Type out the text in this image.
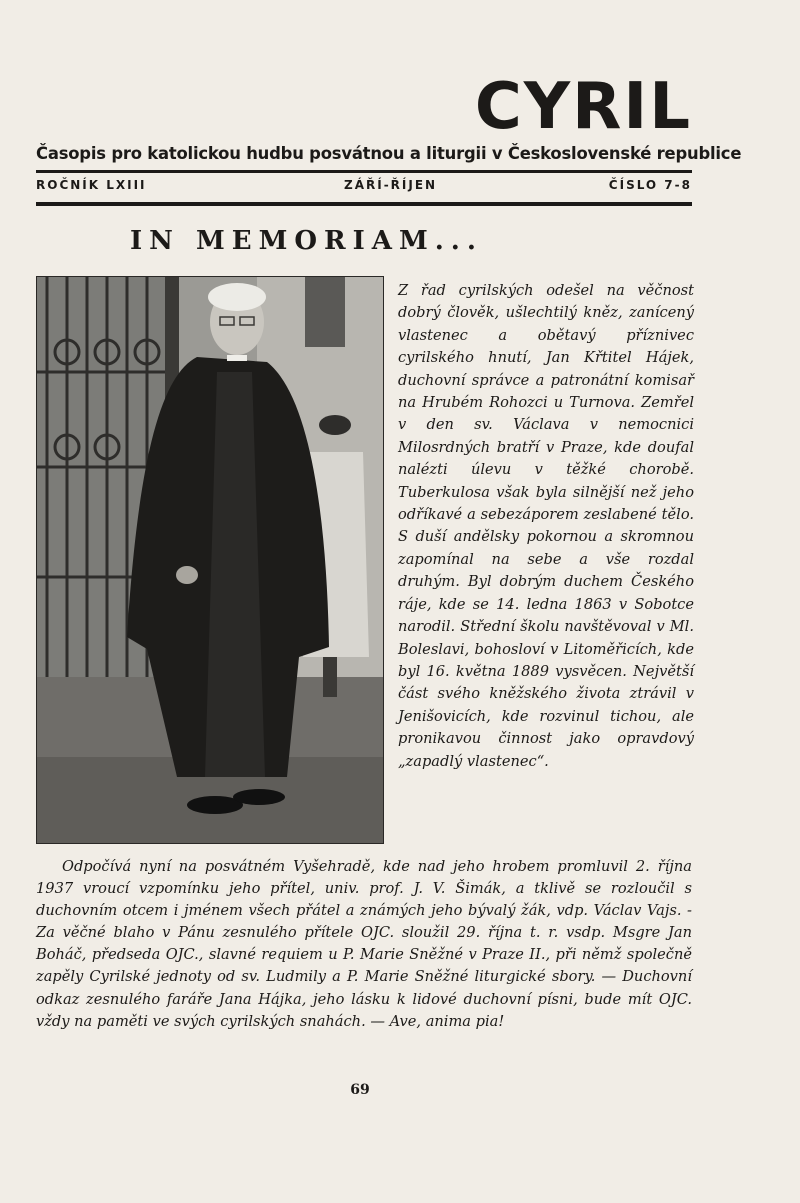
CYRIL
Časopis pro katolickou hudbu posvátnou a liturgii v Československé republice
ROČNÍK LXIII	ZÁŘÍ-ŘÍJEN	ČÍSLO 7-8
IN MEMORIAM...
Z řad cyrilských odešel na věčnost dobrý člověk, ušlechtilý kněz, zanícený vlastenec a obětavý příznivec cyrilského hnutí, Jan Křtitel Hájek, duchovní správce a patronátní komisař na Hrubém Rohozci u Turnova. Zemřel v den sv. Václava v nemocnici Milosrdných bratří v Praze, kde doufal nalézti úlevu v těžké chorobě. Tuberkulosa však byla silnější než jeho odříkavé a sebezáporem zeslabené tělo. S duší andělsky pokornou a skromnou zapomínal na sebe a vše rozdal druhým. Byl dobrým duchem Českého ráje, kde se 14. ledna 1863 v Sobotce narodil. Střední školu navštěvoval v Ml. Boleslavi, bohosloví v Litoměřicích, kde byl 16. května 1889 vysvěcen. Největší část svého kněžského života ztrávil v Jenišovicích, kde rozvinul tichou, ale pronikavou činnost jako opravdový „zapadlý vlastenec“.
Odpočívá nyní na posvátném Vyšehradě, kde nad jeho hrobem promluvil 2. října 1937 vroucí vzpomínku jeho přítel, univ. prof. J. V. Šimák, a tklivě se rozloučil s duchovním otcem i jménem všech přátel a známých jeho bývalý žák, vdp. Václav Vajs. - Za věčné blaho v Pánu zesnulého přítele OJC. sloužil 29. října t. r. vsdp. Msgre Jan Boháč, předseda OJC., slavné requiem u P. Marie Sněžné v Praze II., při němž společně zapěly Cyrilské jednoty od sv. Ludmily a P. Marie Sněžné liturgické sbory. — Duchovní odkaz zesnulého faráře Jana Hájka, jeho lásku k lidové duchovní písni, bude mít OJC. vždy na paměti ve svých cyrilských snahách. — Ave, anima pia!
69
